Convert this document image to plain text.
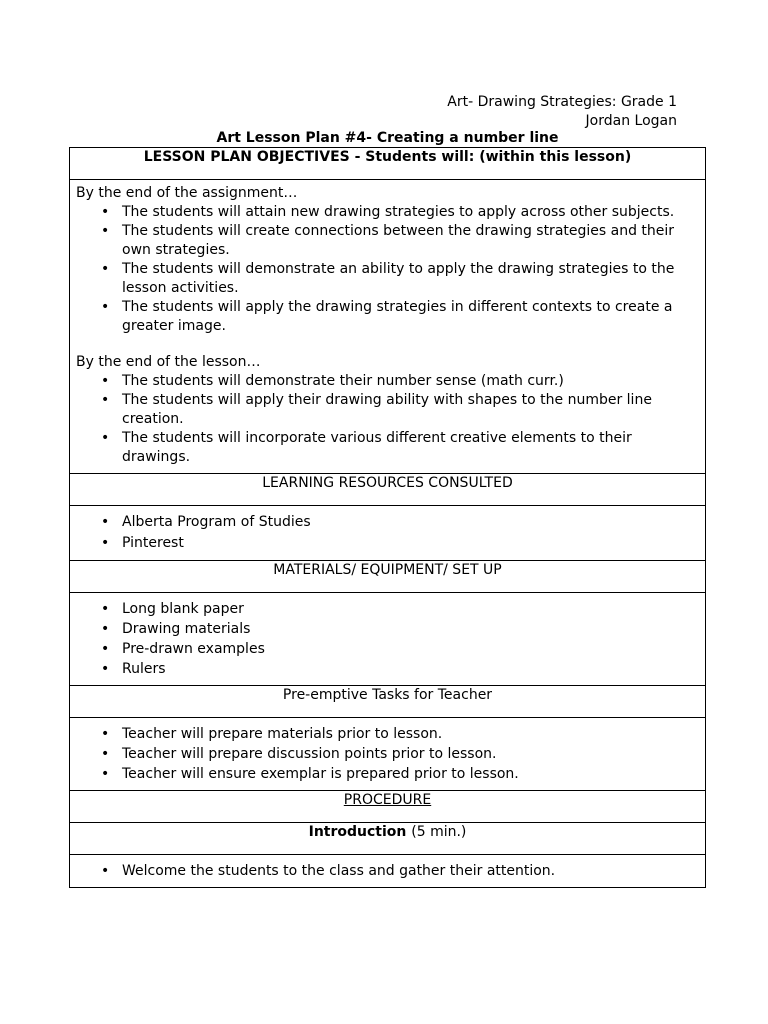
Art- Drawing Strategies: Grade 1
Jordan Logan
Art Lesson Plan #4- Creating a number line
LESSON PLAN OBJECTIVES - Students will: (within this lesson)

By the end of the assignment…
• The students will attain new drawing strategies to apply across other subjects.
• The students will create connections between the drawing strategies and their own strategies.
• The students will demonstrate an ability to apply the drawing strategies to the lesson activities.
• The students will apply the drawing strategies in different contexts to create a greater image.
By the end of the lesson…
• The students will demonstrate their number sense (math curr.)
• The students will apply their drawing ability with shapes to the number line creation.
• The students will incorporate various different creative elements to their drawings.

LEARNING RESOURCES CONSULTED

• Alberta Program of Studies
• Pinterest

MATERIALS/ EQUIPMENT/ SET UP

• Long blank paper
• Drawing materials
• Pre-drawn examples
• Rulers

Pre-emptive Tasks for Teacher

• Teacher will prepare materials prior to lesson.
• Teacher will prepare discussion points prior to lesson.
• Teacher will ensure exemplar is prepared prior to lesson.

PROCEDURE
Introduction (5 min.)

• Welcome the students to the class and gather their attention.
